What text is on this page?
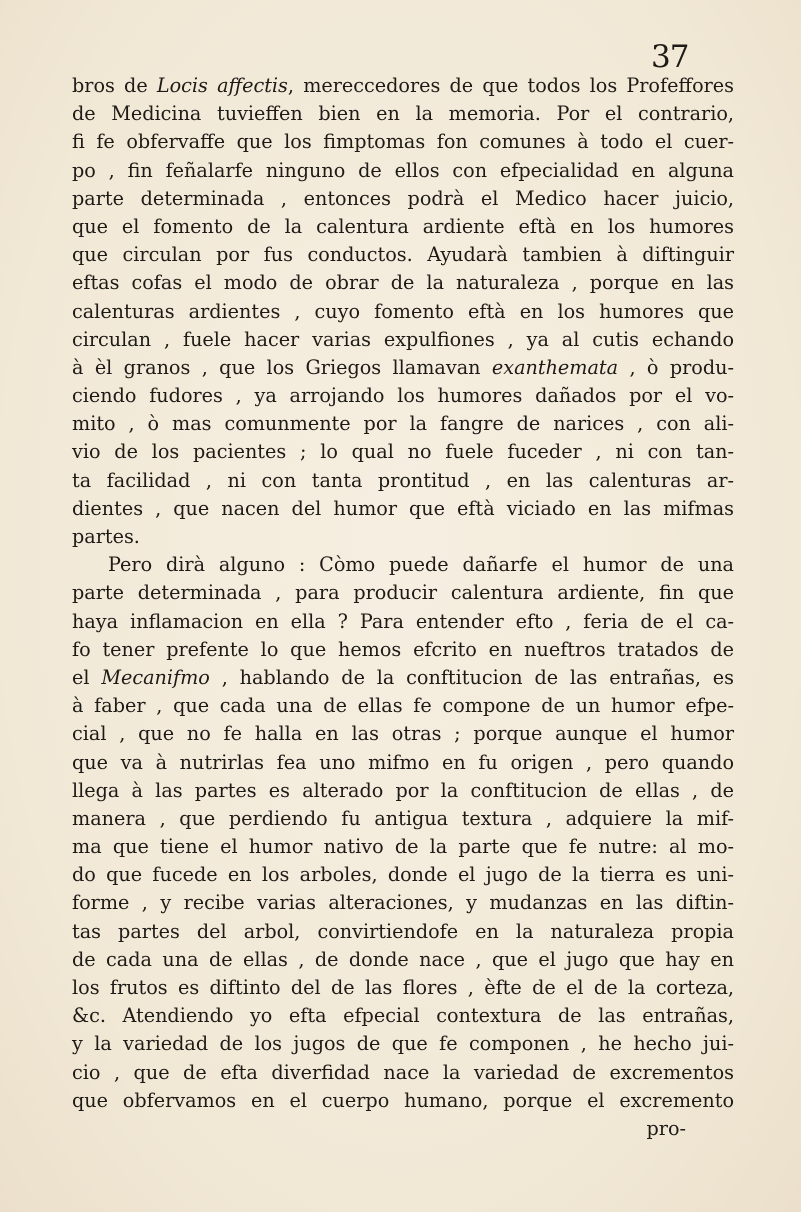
37
bros de Locis affectis, mereccedores de que todos los Profeffores
de Medicina tuvieffen bien en la memoria. Por el contrario,
fi fe obfervaffe que los fimptomas fon comunes à todo el cuer-
po , fin feñalarfe ninguno de ellos con efpecialidad en alguna
parte determinada , entonces podrà el Medico hacer juicio,
que el fomento de la calentura ardiente eftà en los humores
que circulan por fus conductos. Ayudarà tambien à diftinguir
eftas cofas el modo de obrar de la naturaleza , porque en las
calenturas ardientes , cuyo fomento eftà en los humores que
circulan , fuele hacer varias expulfiones , ya al cutis echando
à èl granos , que los Griegos llamavan exanthemata , ò produ-
ciendo fudores , ya arrojando los humores dañados por el vo-
mito , ò mas comunmente por la fangre de narices , con ali-
vio de los pacientes ; lo qual no fuele fuceder , ni con tan-
ta facilidad , ni con tanta prontitud , en las calenturas ar-
dientes , que nacen del humor que eftà viciado en las mifmas
partes.
Pero dirà alguno : Còmo puede dañarfe el humor de una
parte determinada , para producir calentura ardiente, fin que
haya inflamacion en ella ? Para entender efto , feria de el ca-
fo tener prefente lo que hemos efcrito en nueftros tratados de
el Mecanifmo , hablando de la conftitucion de las entrañas, es
à faber , que cada una de ellas fe compone de un humor efpe-
cial , que no fe halla en las otras ; porque aunque el humor
que va à nutrirlas fea uno mifmo en fu origen , pero quando
llega à las partes es alterado por la conftitucion de ellas , de
manera , que perdiendo fu antigua textura , adquiere la mif-
ma que tiene el humor nativo de la parte que fe nutre: al mo-
do que fucede en los arboles, donde el jugo de la tierra es uni-
forme , y recibe varias alteraciones, y mudanzas en las diftin-
tas partes del arbol, convirtiendofe en la naturaleza propia
de cada una de ellas , de donde nace , que el jugo que hay en
los frutos es diftinto del de las flores , èfte de el de la corteza,
&c. Atendiendo yo efta efpecial contextura de las entrañas,
y la variedad de los jugos de que fe componen , he hecho jui-
cio , que de efta diverfidad nace la variedad de excrementos
que obfervamos en el cuerpo humano, porque el excremento
pro-
